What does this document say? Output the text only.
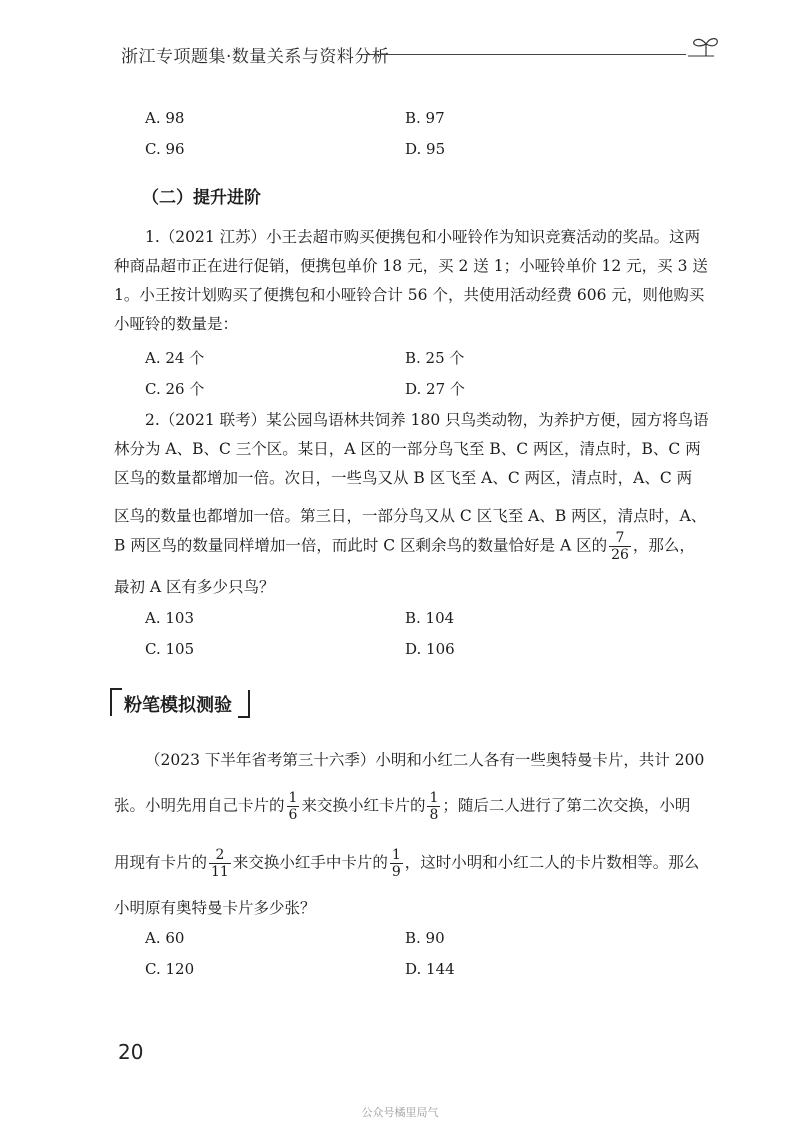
浙江专项题集·数量关系与资料分析
A. 98	B. 97
C. 96	D. 95
（二）提升进阶
1.（2021 江苏）小王去超市购买便携包和小哑铃作为知识竞赛活动的奖品。这两
种商品超市正在进行促销，便携包单价 18 元，买 2 送 1；小哑铃单价 12 元，买 3 送
1。小王按计划购买了便携包和小哑铃合计 56 个，共使用活动经费 606 元，则他购买
小哑铃的数量是：
A. 24 个	B. 25 个
C. 26 个	D. 27 个
2.（2021 联考）某公园鸟语林共饲养 180 只鸟类动物，为养护方便，园方将鸟语
林分为 A、B、C 三个区。某日，A 区的一部分鸟飞至 B、C 两区，清点时，B、C 两
区鸟的数量都增加一倍。次日，一些鸟又从 B 区飞至 A、C 两区，清点时，A、C 两
区鸟的数量也都增加一倍。第三日，一部分鸟又从 C 区飞至 A、B 两区，清点时，A、
B 两区鸟的数量同样增加一倍，而此时 C 区剩余鸟的数量恰好是 A 区的 $\frac{7}{26}$ ，那么，
最初 A 区有多少只鸟？
A. 103	B. 104
C. 105	D. 106
粉笔模拟测验
（2023 下半年省考第三十六季）小明和小红二人各有一些奥特曼卡片，共计 200
张。小明先用自己卡片的 $\frac{1}{6}$ 来交换小红卡片的 $\frac{1}{8}$ ；随后二人进行了第二次交换，小明
用现有卡片的 $\frac{2}{11}$ 来交换小红手中卡片的 $\frac{1}{9}$ ，这时小明和小红二人的卡片数相等。那么
小明原有奥特曼卡片多少张？
A. 60	B. 90
C. 120	D. 144
20
公众号橘里局气
